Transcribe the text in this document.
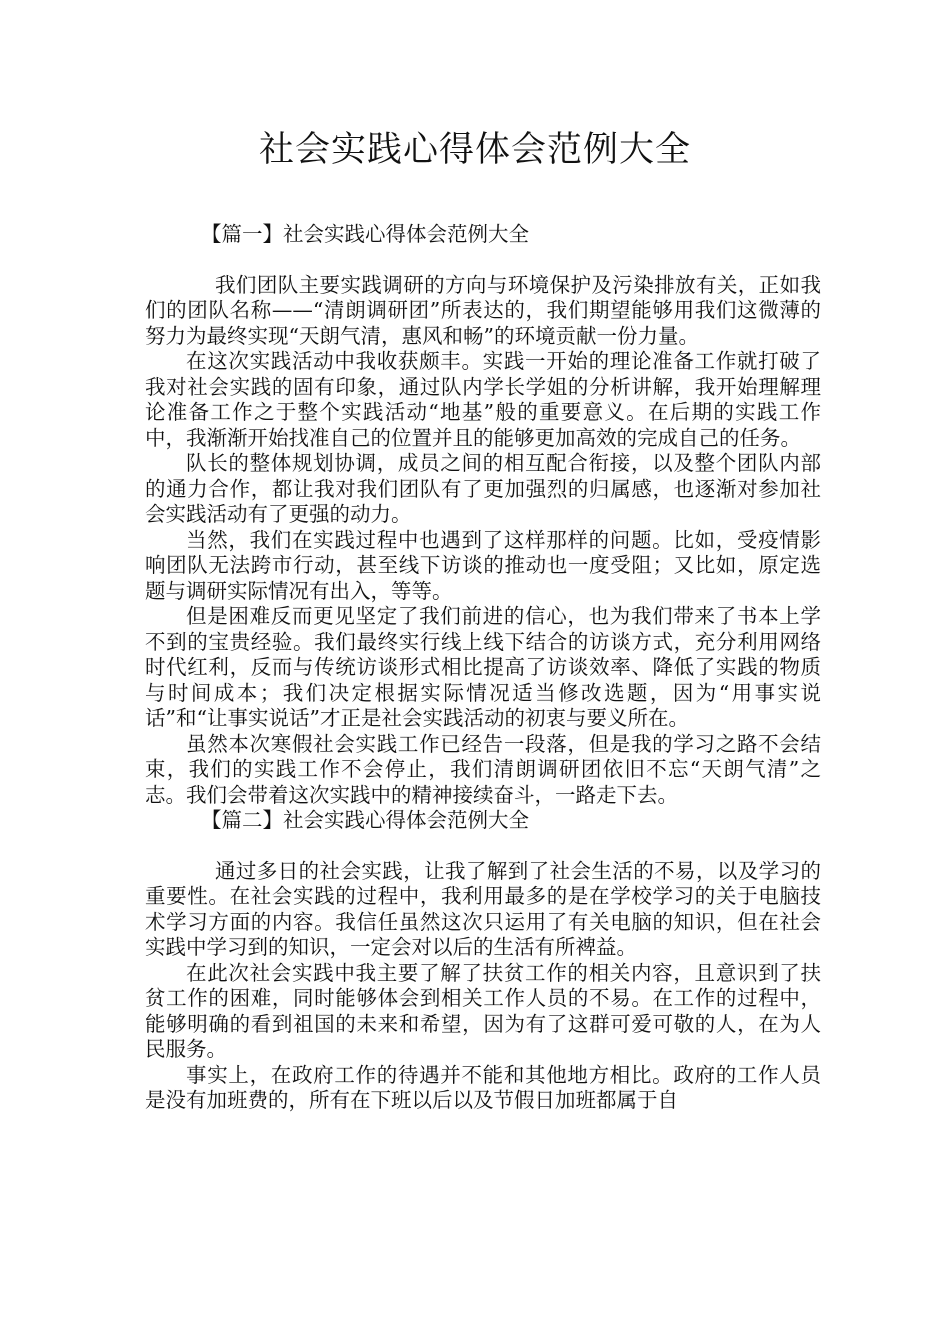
社会实践心得体会范例大全
【篇一】社会实践心得体会范例大全

我们团队主要实践调研的方向与环境保护及污染排放有关，正如我们的团队名称——“清朗调研团”所表达的，我们期望能够用我们这微薄的努力为最终实现“天朗气清，惠风和畅”的环境贡献一份力量。

在这次实践活动中我收获颇丰。实践一开始的理论准备工作就打破了我对社会实践的固有印象，通过队内学长学姐的分析讲解，我开始理解理论准备工作之于整个实践活动“地基”般的重要意义。在后期的实践工作中，我渐渐开始找准自己的位置并且的能够更加高效的完成自己的任务。

队长的整体规划协调，成员之间的相互配合衔接，以及整个团队内部的通力合作，都让我对我们团队有了更加强烈的归属感，也逐渐对参加社会实践活动有了更强的动力。

当然，我们在实践过程中也遇到了这样那样的问题。比如，受疫情影响团队无法跨市行动，甚至线下访谈的推动也一度受阻；又比如，原定选题与调研实际情况有出入，等等。

但是困难反而更见坚定了我们前进的信心，也为我们带来了书本上学不到的宝贵经验。我们最终实行线上线下结合的访谈方式，充分利用网络时代红利，反而与传统访谈形式相比提高了访谈效率、降低了实践的物质与时间成本；我们决定根据实际情况适当修改选题，因为“用事实说话”和“让事实说话”才正是社会实践活动的初衷与要义所在。

虽然本次寒假社会实践工作已经告一段落，但是我的学习之路不会结束，我们的实践工作不会停止，我们清朗调研团依旧不忘“天朗气清”之志。我们会带着这次实践中的精神接续奋斗，一路走下去。

【篇二】社会实践心得体会范例大全

通过多日的社会实践，让我了解到了社会生活的不易，以及学习的重要性。在社会实践的过程中，我利用最多的是在学校学习的关于电脑技术学习方面的内容。我信任虽然这次只运用了有关电脑的知识，但在社会实践中学习到的知识，一定会对以后的生活有所裨益。

在此次社会实践中我主要了解了扶贫工作的相关内容，且意识到了扶贫工作的困难，同时能够体会到相关工作人员的不易。在工作的过程中，能够明确的看到祖国的未来和希望，因为有了这群可爱可敬的人，在为人民服务。

事实上，在政府工作的待遇并不能和其他地方相比。政府的工作人员是没有加班费的，所有在下班以后以及节假日加班都属于自
